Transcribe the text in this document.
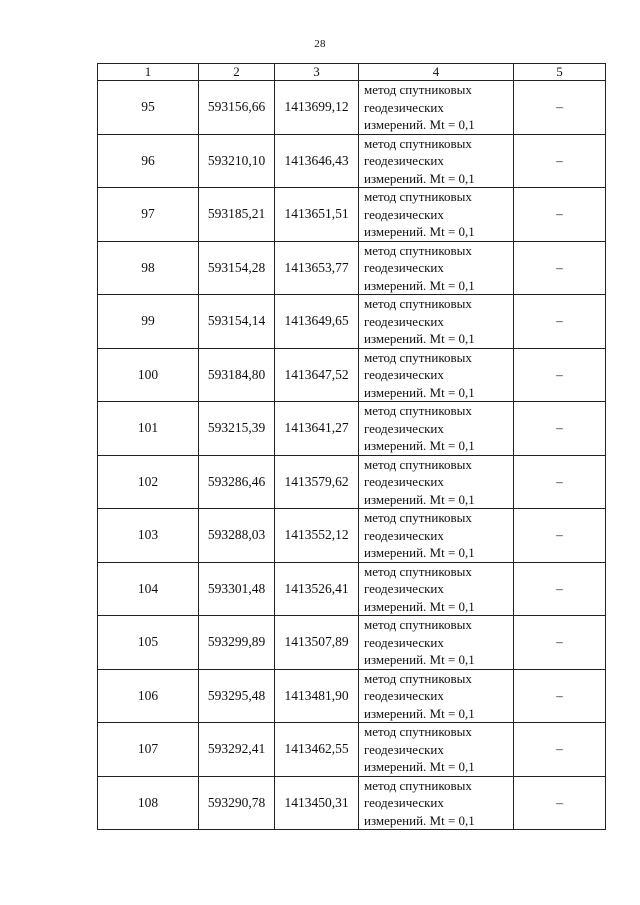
28
1	2	3	4	5
95	593156,66	1413699,12	метод спутниковых
геодезических
измерений. Mt = 0,1	–
96	593210,10	1413646,43	метод спутниковых
геодезических
измерений. Mt = 0,1	–
97	593185,21	1413651,51	метод спутниковых
геодезических
измерений. Mt = 0,1	–
98	593154,28	1413653,77	метод спутниковых
геодезических
измерений. Mt = 0,1	–
99	593154,14	1413649,65	метод спутниковых
геодезических
измерений. Mt = 0,1	–
100	593184,80	1413647,52	метод спутниковых
геодезических
измерений. Mt = 0,1	–
101	593215,39	1413641,27	метод спутниковых
геодезических
измерений. Mt = 0,1	–
102	593286,46	1413579,62	метод спутниковых
геодезических
измерений. Mt = 0,1	–
103	593288,03	1413552,12	метод спутниковых
геодезических
измерений. Mt = 0,1	–
104	593301,48	1413526,41	метод спутниковых
геодезических
измерений. Mt = 0,1	–
105	593299,89	1413507,89	метод спутниковых
геодезических
измерений. Mt = 0,1	–
106	593295,48	1413481,90	метод спутниковых
геодезических
измерений. Mt = 0,1	–
107	593292,41	1413462,55	метод спутниковых
геодезических
измерений. Mt = 0,1	–
108	593290,78	1413450,31	метод спутниковых
геодезических
измерений. Mt = 0,1	–
